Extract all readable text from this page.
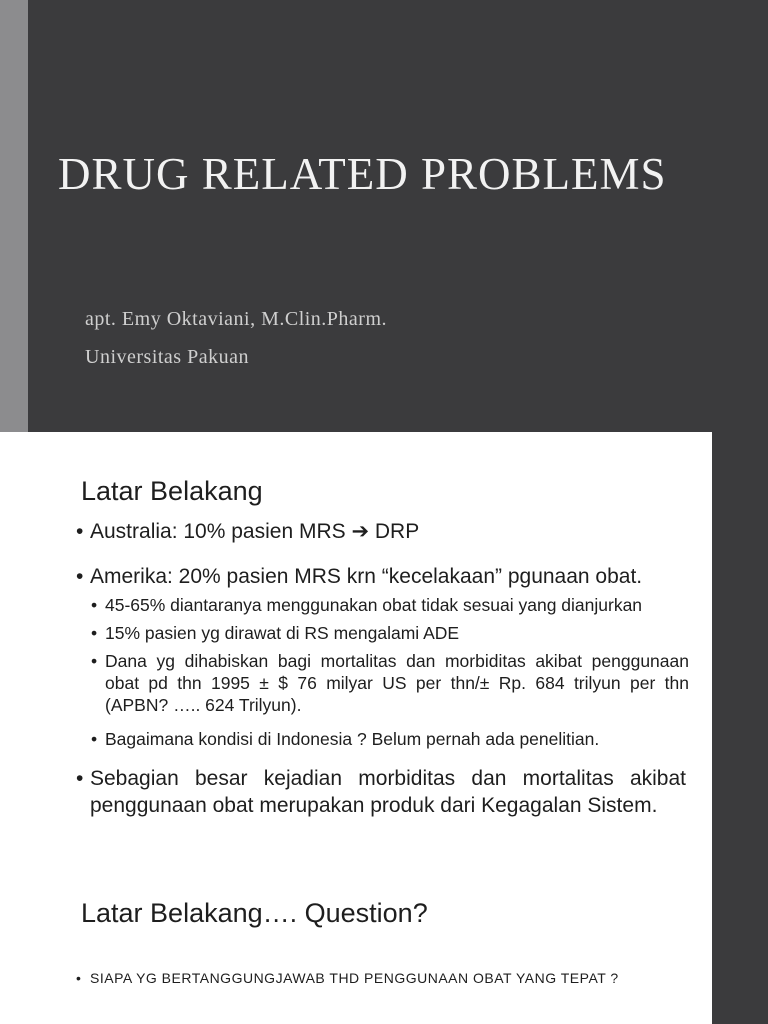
DRUG RELATED PROBLEMS

apt. Emy Oktaviani, M.Clin.Pharm.

Universitas Pakuan

Latar Belakang

• Australia: 10% pasien MRS ➔ DRP

• Amerika: 20% pasien MRS krn “kecelakaan” pgunaan obat.

• 45-65% diantaranya menggunakan obat tidak sesuai yang dianjurkan

• 15% pasien yg dirawat di RS mengalami ADE

• Dana yg dihabiskan bagi mortalitas dan morbiditas akibat penggunaan obat pd thn 1995 ± $ 76 milyar US per thn/± Rp. 684 trilyun per thn (APBN? ….. 624 Trilyun).

• Bagaimana kondisi di Indonesia ? Belum pernah ada penelitian.

• Sebagian besar kejadian morbiditas dan mortalitas akibat penggunaan obat merupakan produk dari Kegagalan Sistem.

Latar Belakang…. Question?

• SIAPA YG BERTANGGUNGJAWAB THD PENGGUNAAN OBAT YANG TEPAT ?
